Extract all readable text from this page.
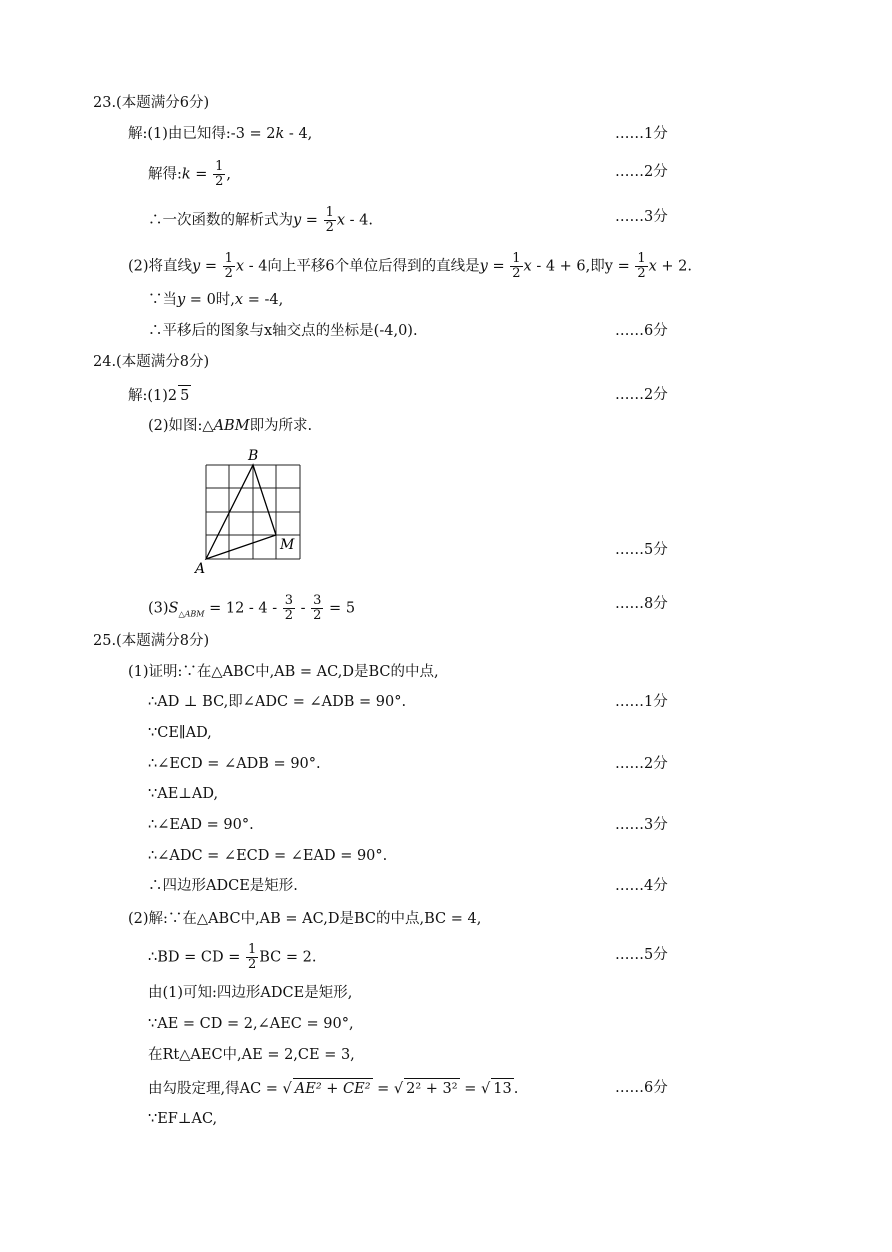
23.(本题满分6分)
解:(1)由已知得:-3 = 2k - 4,	……1分
解得:k = $\frac{1}{2}$ ,	……2分
∴一次函数的解析式为$y = \frac{1}{2}$ x - 4.	……3分
(2)将直线$y = \frac{1}{2}$ x - 4向上平移6个单位后得到的直线是$y = \frac{1}{2}$ x - 4 + 6,即$y = \frac{1}{2}$ x + 2.
∵当y = 0时,x = -4,
∴平移后的图象与x轴交点的坐标是(-4,0).	……6分
24.(本题满分8分)
解:(1)2 5	……2分
(2)如图:△ABM即为所求.
B
M
A
……5分
$(3)S_{\triangle ABM} = 12 - 4 - \frac{3}{2} - \frac{3}{2} = 5$	……8分
25.(本题满分8分)
(1)证明:∵在△ABC中,AB = AC,D是BC的中点,
∴AD ⊥ BC,即∠ADC = ∠ADB = 90°.	……1分
∵CE∥AD,
∴∠ECD = ∠ADB = 90°.	……2分
∵AE⊥AD,
∴∠EAD = 90°.	……3分
∴∠ADC = ∠ECD = ∠EAD = 90°.
∴四边形ADCE是矩形.	……4分
(2)解:∵在△ABC中,AB = AC,D是BC的中点,BC = 4,
∴BD = CD = $\frac{1}{2}$ BC = 2.	……5分
由(1)可知:四边形ADCE是矩形,
∵AE = CD = 2,∠AEC = 90°,
在Rt△AEC中,AE = 2,CE = 3,
由勾股定理,得AC = √ AE² + CE² = √ 2² + 3² = √ 13 .	……6分
∵EF⊥AC,
